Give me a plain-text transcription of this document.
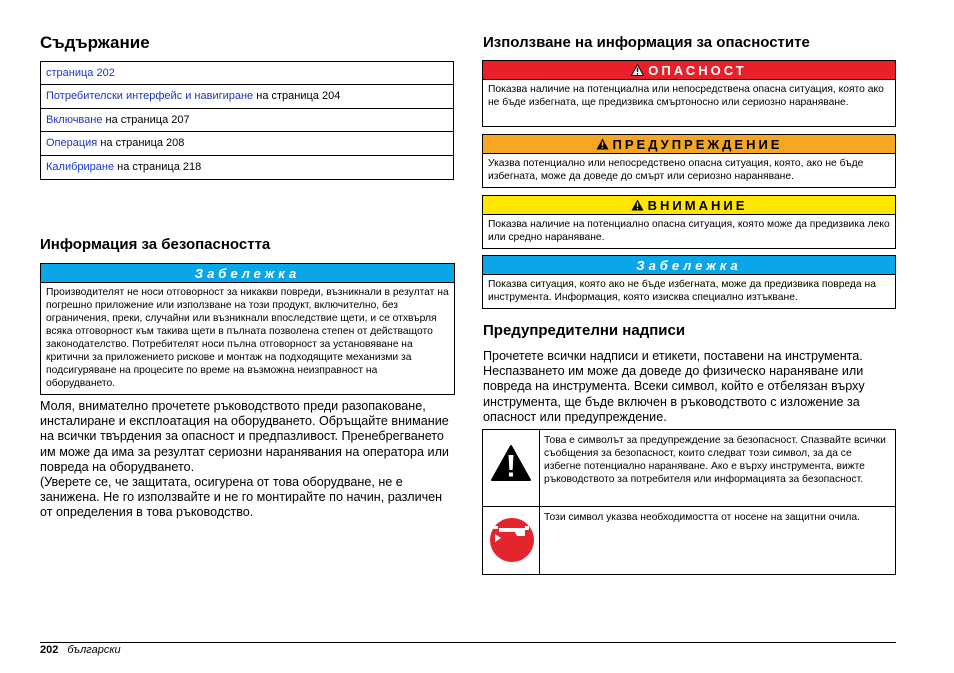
Съдържание
страница 202
Потребителски интерфейс и навигиране на страница 204
Включване на страница 207
Операция на страница 208
Калибриране на страница 218
Информация за безопасността
Забележка
Производителят не носи отговорност за никакви повреди, възникнали в резултат на погрешно приложение или използване на този продукт, включително, без ограничения, преки, случайни или възникнали впоследствие щети, и се отхвърля всяка отговорност към такива щети в пълната позволена степен от действащото законодателство. Потребителят носи пълна отговорност за установяване на критични за приложението рискове и монтаж на подходящите механизми за подсигуряване на процесите по време на възможна неизправност на оборудването.
Моля, внимателно прочетете ръководството преди разопаковане, инсталиране и експлоатация на оборудването. Обръщайте внимание на всички твърдения за опасност и предпазливост. Пренебрегването им може да има за резултат сериозни наранявания на оператора или повреда на оборудването.
(Уверете се, че защитата, осигурена от това оборудване, не е занижена. Не го използвайте и не го монтирайте по начин, различен от определения в това ръководство.
Използване на информация за опасностите
ОПАСНОСТ
Показва наличие на потенциална или непосредствена опасна ситуация, която ако не бъде избегната, ще предизвика смъртоносно или сериозно нараняване.
ПРЕДУПРЕЖДЕНИЕ
Указва потенциално или непосредствено опасна ситуация, която, ако не бъде избегната, може да доведе до смърт или сериозно нараняване.
ВНИМАНИЕ
Показва наличие на потенциално опасна ситуация, която може да предизвика леко или средно нараняване.
Забележка
Показва ситуация, която ако не бъде избегната, може да предизвика повреда на инструмента. Информация, която изисква специално изтъкване.
Предупредителни надписи
Прочетете всички надписи и етикети, поставени на инструмента. Неспазването им може да доведе до физическо нараняване или повреда на инструмента. Всеки символ, който е отбелязан върху инструмента, ще бъде включен в ръководството с изложение за опасност или предупреждение.
Това е символът за предупреждение за безопасност. Спазвайте всички съобщения за безопасност, които следват този символ, за да се избегне потенциално нараняване. Ако е върху инструмента, вижте ръководството за потребителя или информацията за безопасност.
Този символ указва необходимостта от носене на защитни очила.
202 български
